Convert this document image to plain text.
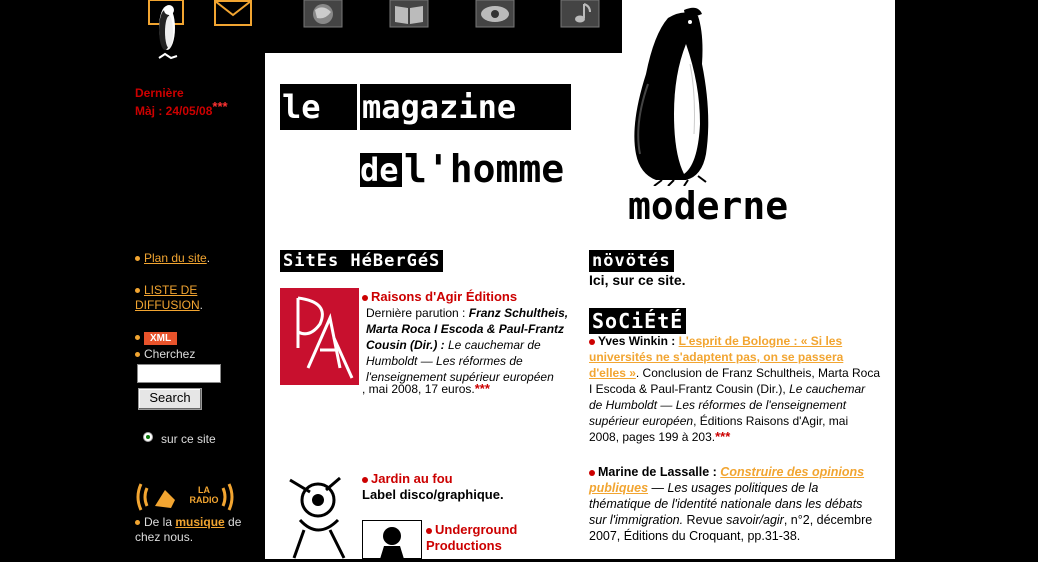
Dernière
Màj : 24/05/08***
Plan du site.
LISTE DE
DIFFUSION.
XML
Cherchez
Search
sur ce site
LA RADIO
De la musique de chez nous.
le	magazine
de l'homme
moderne
SitEs HéBerGéS	növötés
Ici, sur ce site.
SoCiÉtÉ
Raisons d'Agir Éditions
Dernière parution : Franz Schultheis, Marta Roca I Escoda & Paul-Frantz Cousin (Dir.) : Le cauchemar de Humboldt — Les réformes de l'enseignement supérieur européen
, mai 2008, 17 euros.***
Jardin au fou
Label disco/graphique.
Underground Productions
Yves Winkin : L'esprit de Bologne : « Si les universités ne s'adaptent pas, on se passera d'elles ». Conclusion de Franz Schultheis, Marta Roca I Escoda & Paul-Frantz Cousin (Dir.), Le cauchemar de Humboldt — Les réformes de l'enseignement supérieur européen, Éditions Raisons d'Agir, mai 2008, pages 199 à 203.***
Marine de Lassalle : Construire des opinions publiques — Les usages politiques de la thématique de l'identité nationale dans les débats sur l'immigration. Revue savoir/agir, n°2, décembre 2007, Éditions du Croquant, pp.31-38.
